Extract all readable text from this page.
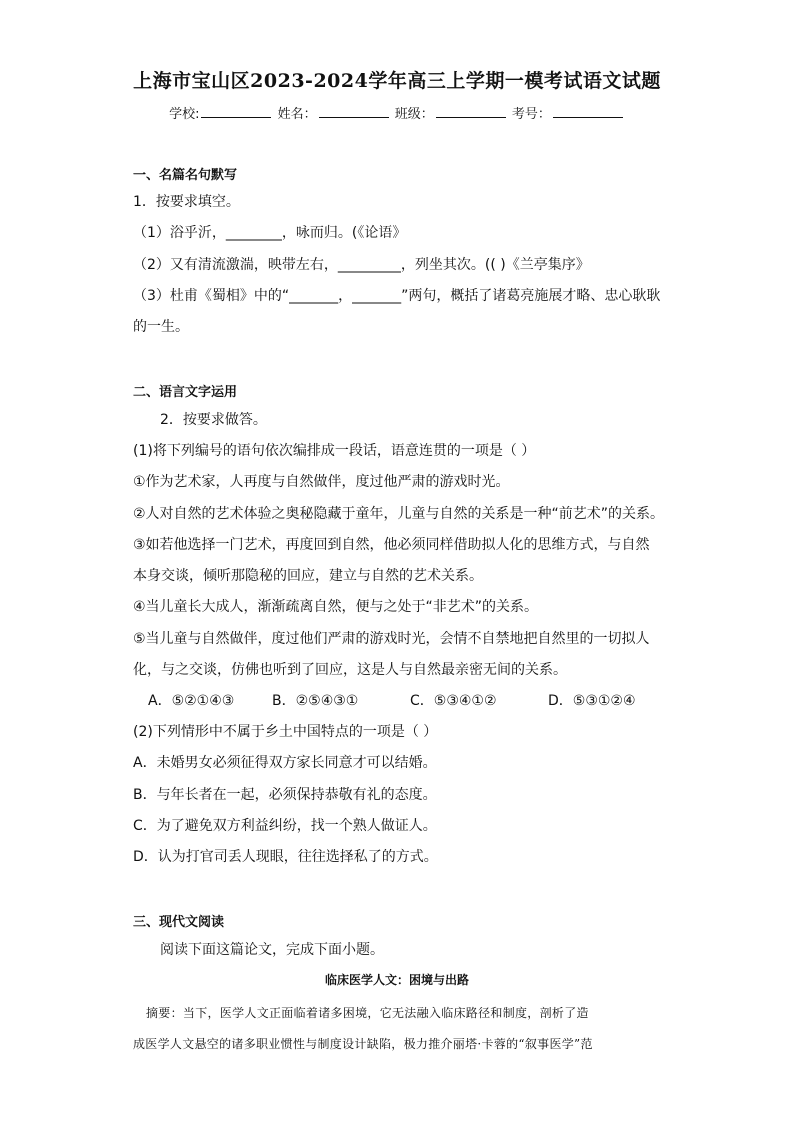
上海市宝山区2023-2024学年高三上学期一模考试语文试题
学校:	姓名：	班级：	考号：
一、名篇名句默写
1．按要求填空。
（1）浴乎沂，________，咏而归。(《论语》
（2）又有清流激湍，映带左右，_________，列坐其次。(( )《兰亭集序》
（3）杜甫《蜀相》中的“_______，_______”两句，概括了诸葛亮施展才略、忠心耿耿
的一生。
二、语言文字运用
2．按要求做答。
(1)将下列编号的语句依次编排成一段话，语意连贯的一项是（ ）
①作为艺术家，人再度与自然做伴，度过他严肃的游戏时光。
②人对自然的艺术体验之奥秘隐藏于童年，儿童与自然的关系是一种“前艺术”的关系。
③如若他选择一门艺术，再度回到自然，他必须同样借助拟人化的思维方式，与自然
本身交谈，倾听那隐秘的回应，建立与自然的艺术关系。
④当儿童长大成人，渐渐疏离自然，便与之处于“非艺术”的关系。
⑤当儿童与自然做伴，度过他们严肃的游戏时光，会情不自禁地把自然里的一切拟人
化，与之交谈，仿佛也听到了回应，这是人与自然最亲密无间的关系。
A．⑤②①④③	B．②⑤④③①	C．⑤③④①②	D．⑤③①②④
(2)下列情形中不属于乡土中国特点的一项是（ ）
A．未婚男女必须征得双方家长同意才可以结婚。
B．与年长者在一起，必须保持恭敬有礼的态度。
C．为了避免双方利益纠纷，找一个熟人做证人。
D．认为打官司丢人现眼，往往选择私了的方式。
三、现代文阅读
阅读下面这篇论文，完成下面小题。
临床医学人文：困境与出路
摘要：当下，医学人文正面临着诸多困境，它无法融入临床路径和制度，剖析了造
成医学人文悬空的诸多职业惯性与制度设计缺陷，极力推介丽塔·卡蓉的“叙事医学”范
